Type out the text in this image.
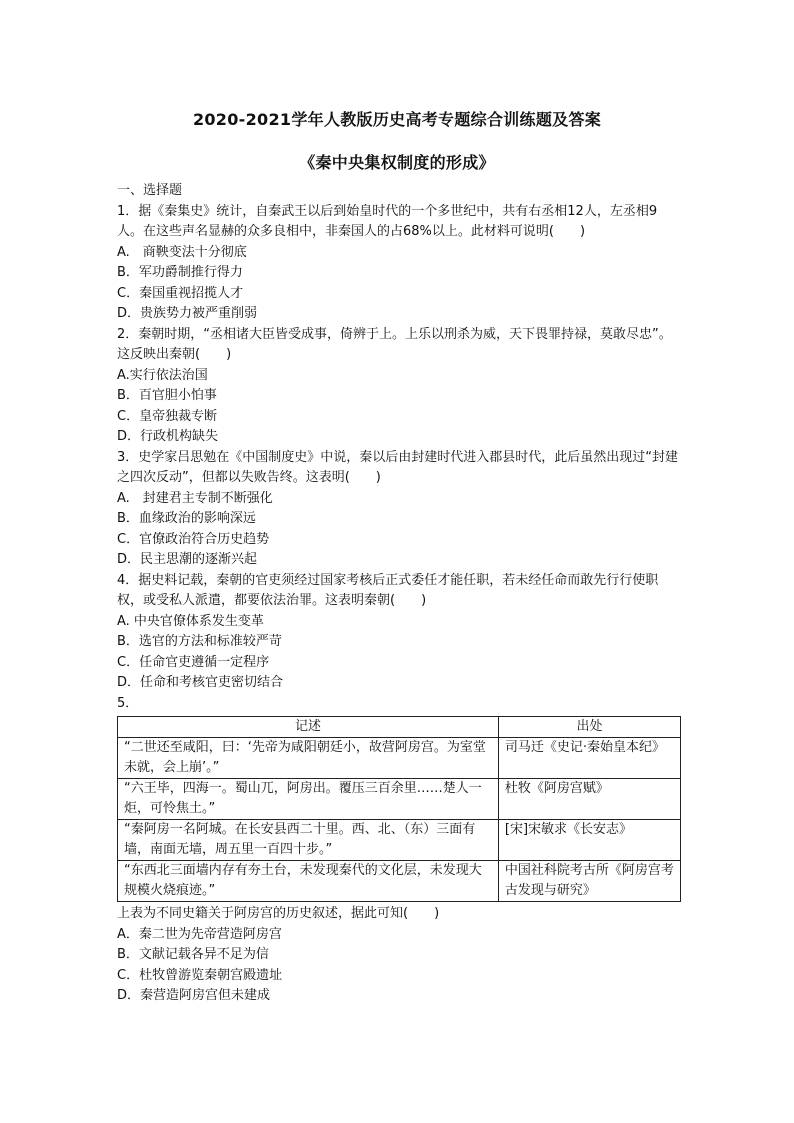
2020-2021学年人教版历史高考专题综合训练题及答案
《秦中央集权制度的形成》
一、选择题
1．据《秦集史》统计，自秦武王以后到始皇时代的一个多世纪中，共有右丞相12人，左丞相9人。在这些声名显赫的众多良相中，非秦国人的占68%以上。此材料可说明(　　)
A.　商鞅变法十分彻底
B．军功爵制推行得力
C．秦国重视招揽人才
D．贵族势力被严重削弱
2．秦朝时期，“丞相诸大臣皆受成事，倚辨于上。上乐以刑杀为威，天下畏罪持禄，莫敢尽忠”。这反映出秦朝(　　)
A.实行依法治国
B．百官胆小怕事
C．皇帝独裁专断
D．行政机构缺失
3．史学家吕思勉在《中国制度史》中说，秦以后由封建时代进入郡县时代，此后虽然出现过“封建之四次反动”，但都以失败告终。这表明(　　)
A.　封建君主专制不断强化
B．血缘政治的影响深远
C．官僚政治符合历史趋势
D．民主思潮的逐渐兴起
4．据史料记载，秦朝的官吏须经过国家考核后正式委任才能任职，若未经任命而敢先行行使职权，或受私人派遣，都要依法治罪。这表明秦朝(　　)
A. 中央官僚体系发生变革
B．选官的方法和标准较严苛
C．任命官吏遵循一定程序
D．任命和考核官吏密切结合
5．
记述	出处
“二世还至咸阳，曰：‘先帝为咸阳朝廷小，故营阿房宫。为室堂未就，会上崩’。”	司马迁《史记·秦始皇本纪》
“六王毕，四海一。蜀山兀，阿房出。覆压三百余里……楚人一炬，可怜焦土。”	杜牧《阿房宫赋》
“秦阿房一名阿城。在长安县西二十里。西、北、（东）三面有墙，南面无墙，周五里一百四十步。”	[宋]宋敏求《长安志》
“东西北三面墙内存有夯土台，未发现秦代的文化层，未发现大规模火烧痕迹。”	中国社科院考古所《阿房宫考古发现与研究》
上表为不同史籍关于阿房宫的历史叙述，据此可知(　　)
A．秦二世为先帝营造阿房宫
B．文献记载各异不足为信
C．杜牧曾游览秦朝宫殿遗址
D．秦营造阿房宫但未建成
